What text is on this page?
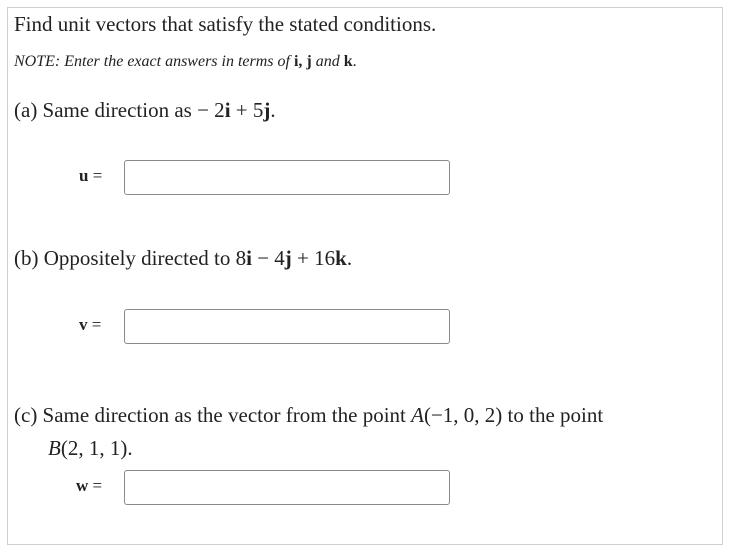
Find unit vectors that satisfy the stated conditions.
NOTE: Enter the exact answers in terms of i, j and k.
(a) Same direction as − 2i + 5j.
u =
(b) Oppositely directed to 8i − 4j + 16k.
v =
(c) Same direction as the vector from the point A(−1, 0, 2) to the point
B(2, 1, 1).
w =
